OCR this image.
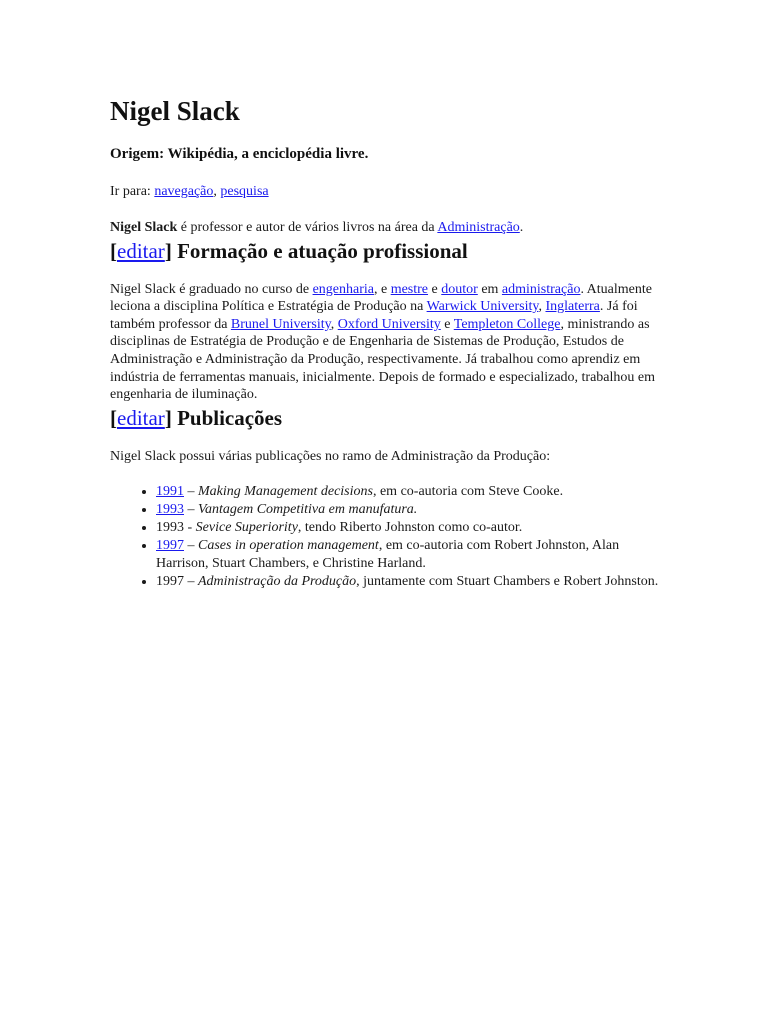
Nigel Slack
Origem: Wikipédia, a enciclopédia livre.
Ir para: navegação, pesquisa

Nigel Slack é professor e autor de vários livros na área da Administração.

[editar] Formação e atuação profissional

Nigel Slack é graduado no curso de engenharia, e mestre e doutor em administração. Atualmente leciona a disciplina Política e Estratégia de Produção na Warwick University, Inglaterra. Já foi também professor da Brunel University, Oxford University e Templeton College, ministrando as disciplinas de Estratégia de Produção e de Engenharia de Sistemas de Produção, Estudos de Administração e Administração da Produção, respectivamente. Já trabalhou como aprendiz em indústria de ferramentas manuais, inicialmente. Depois de formado e especializado, trabalhou em engenharia de iluminação.

[editar] Publicações

Nigel Slack possui várias publicações no ramo de Administração da Produção:

• 1991 – Making Management decisions, em co-autoria com Steve Cooke.
• 1993 – Vantagem Competitiva em manufatura.
• 1993 - Sevice Superiority, tendo Riberto Johnston como co-autor.
• 1997 – Cases in operation management, em co-autoria com Robert Johnston, Alan Harrison, Stuart Chambers, e Christine Harland.
• 1997 – Administração da Produção, juntamente com Stuart Chambers e Robert Johnston.
